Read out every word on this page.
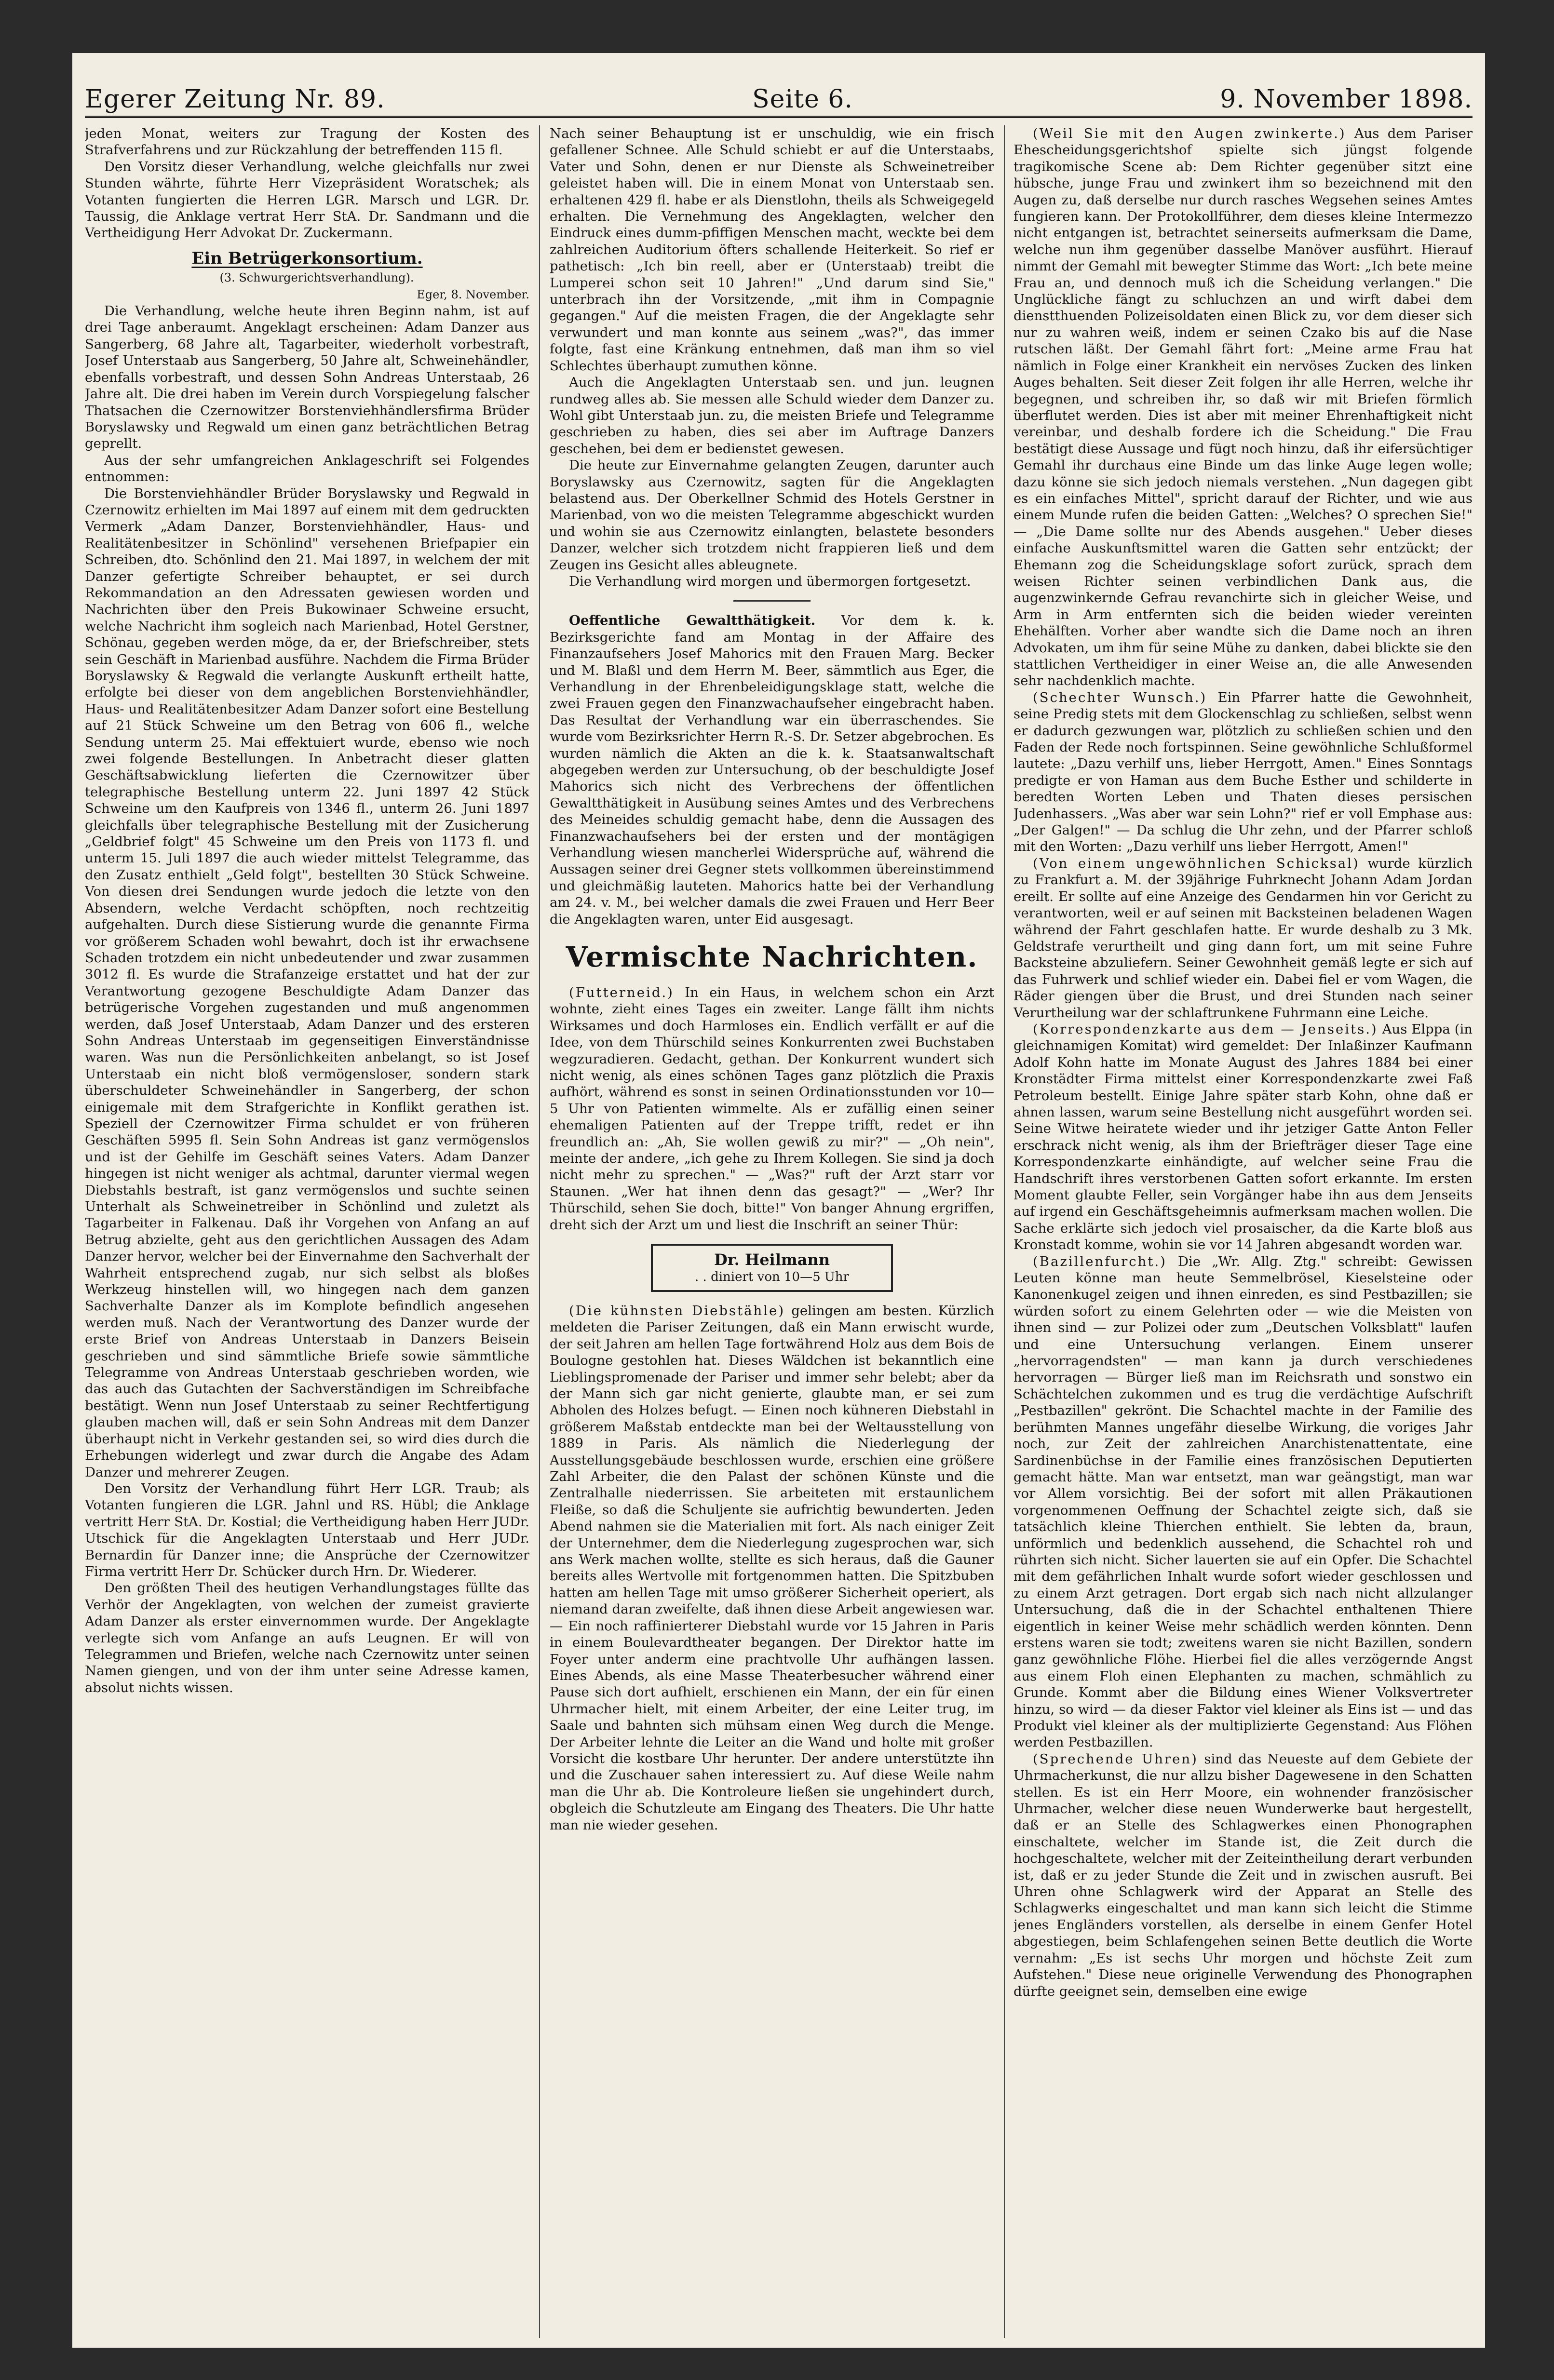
Egerer Zeitung Nr. 89.	Seite 6.	9. November 1898.

jeden Monat, weiters zur Tragung der Kosten des Strafverfahrens und zur Rückzahlung der betreffenden 115 fl.

Den Vorsitz dieser Verhandlung, welche gleichfalls nur zwei Stunden währte, führte Herr Vizepräsident Woratschek; als Votanten fungierten die Herren LGR. Marsch und LGR. Dr. Taussig, die Anklage vertrat Herr StA. Dr. Sandmann und die Vertheidigung Herr Advokat Dr. Zuckermann.

Ein Betrügerkonsortium.

(3. Schwurgerichtsverhandlung).

Eger, 8. November.

Die Verhandlung, welche heute ihren Beginn nahm, ist auf drei Tage anberaumt. Angeklagt erscheinen: Adam Danzer aus Sangerberg, 68 Jahre alt, Tagarbeiter, wiederholt vorbestraft, Josef Unterstaab aus Sangerberg, 50 Jahre alt, Schweinehändler, ebenfalls vorbestraft, und dessen Sohn Andreas Unterstaab, 26 Jahre alt. Die drei haben im Verein durch Vorspiegelung falscher Thatsachen die Czernowitzer Borstenviehhändlersfirma Brüder Boryslawsky und Regwald um einen ganz beträchtlichen Betrag geprellt.

Aus der sehr umfangreichen Anklageschrift sei Folgendes entnommen:

Die Borstenviehhändler Brüder Boryslawsky und Regwald in Czernowitz erhielten im Mai 1897 auf einem mit dem gedruckten Vermerk „Adam Danzer, Borstenviehhändler, Haus- und Realitätenbesitzer in Schönlind" versehenen Briefpapier ein Schreiben, dto. Schönlind den 21. Mai 1897, in welchem der mit Danzer gefertigte Schreiber behauptet, er sei durch Rekommandation an den Adressaten gewiesen worden und Nachrichten über den Preis Bukowinaer Schweine ersucht, welche Nachricht ihm sogleich nach Marienbad, Hotel Gerstner, Schönau, gegeben werden möge, da er, der Briefschreiber, stets sein Geschäft in Marienbad ausführe. Nachdem die Firma Brüder Boryslawsky & Regwald die verlangte Auskunft ertheilt hatte, erfolgte bei dieser von dem angeblichen Borstenviehhändler, Haus- und Realitätenbesitzer Adam Danzer sofort eine Bestellung auf 21 Stück Schweine um den Betrag von 606 fl., welche Sendung unterm 25. Mai effektuiert wurde, ebenso wie noch zwei folgende Bestellungen. In Anbetracht dieser glatten Geschäftsabwicklung lieferten die Czernowitzer über telegraphische Bestellung unterm 22. Juni 1897 42 Stück Schweine um den Kaufpreis von 1346 fl., unterm 26. Juni 1897 gleichfalls über telegraphische Bestellung mit der Zusicherung „Geldbrief folgt" 45 Schweine um den Preis von 1173 fl. und unterm 15. Juli 1897 die auch wieder mittelst Telegramme, das den Zusatz enthielt „Geld folgt", bestellten 30 Stück Schweine. Von diesen drei Sendungen wurde jedoch die letzte von den Absendern, welche Verdacht schöpften, noch rechtzeitig aufgehalten. Durch diese Sistierung wurde die genannte Firma vor größerem Schaden wohl bewahrt, doch ist ihr erwachsene Schaden trotzdem ein nicht unbedeutender und zwar zusammen 3012 fl. Es wurde die Strafanzeige erstattet und hat der zur Verantwortung gezogene Beschuldigte Adam Danzer das betrügerische Vorgehen zugestanden und muß angenommen werden, daß Josef Unterstaab, Adam Danzer und des ersteren Sohn Andreas Unterstaab im gegenseitigen Einverständnisse waren. Was nun die Persönlichkeiten anbelangt, so ist Josef Unterstaab ein nicht bloß vermögensloser, sondern stark überschuldeter Schweinehändler in Sangerberg, der schon einigemale mit dem Strafgerichte in Konflikt gerathen ist. Speziell der Czernowitzer Firma schuldet er von früheren Geschäften 5995 fl. Sein Sohn Andreas ist ganz vermögenslos und ist der Gehilfe im Geschäft seines Vaters. Adam Danzer hingegen ist nicht weniger als achtmal, darunter viermal wegen Diebstahls bestraft, ist ganz vermögenslos und suchte seinen Unterhalt als Schweinetreiber in Schönlind und zuletzt als Tagarbeiter in Falkenau. Daß ihr Vorgehen von Anfang an auf Betrug abzielte, geht aus den gerichtlichen Aussagen des Adam Danzer hervor, welcher bei der Einvernahme den Sachverhalt der Wahrheit entsprechend zugab, nur sich selbst als bloßes Werkzeug hinstellen will, wo hingegen nach dem ganzen Sachverhalte Danzer als im Komplote befindlich angesehen werden muß. Nach der Verantwortung des Danzer wurde der erste Brief von Andreas Unterstaab in Danzers Beisein geschrieben und sind sämmtliche Briefe sowie sämmtliche Telegramme von Andreas Unterstaab geschrieben worden, wie das auch das Gutachten der Sachverständigen im Schreibfache bestätigt. Wenn nun Josef Unterstaab zu seiner Rechtfertigung glauben machen will, daß er sein Sohn Andreas mit dem Danzer überhaupt nicht in Verkehr gestanden sei, so wird dies durch die Erhebungen widerlegt und zwar durch die Angabe des Adam Danzer und mehrerer Zeugen.

Den Vorsitz der Verhandlung führt Herr LGR. Traub; als Votanten fungieren die LGR. Jahnl und RS. Hübl; die Anklage vertritt Herr StA. Dr. Kostial; die Vertheidigung haben Herr JUDr. Utschick für die Angeklagten Unterstaab und Herr JUDr. Bernardin für Danzer inne; die Ansprüche der Czernowitzer Firma vertritt Herr Dr. Schücker durch Hrn. Dr. Wiederer.

Den größten Theil des heutigen Verhandlungstages füllte das Verhör der Angeklagten, von welchen der zumeist gravierte Adam Danzer als erster einvernommen wurde. Der Angeklagte verlegte sich vom Anfange an aufs Leugnen. Er will von Telegrammen und Briefen, welche nach Czernowitz unter seinen Namen giengen, und von der ihm unter seine Adresse kamen, absolut nichts wissen.

Nach seiner Behauptung ist er unschuldig, wie ein frisch gefallener Schnee. Alle Schuld schiebt er auf die Unterstaabs, Vater und Sohn, denen er nur Dienste als Schweinetreiber geleistet haben will. Die in einem Monat von Unterstaab sen. erhaltenen 429 fl. habe er als Dienstlohn, theils als Schweigegeld erhalten. Die Vernehmung des Angeklagten, welcher den Eindruck eines dumm-pfiffigen Menschen macht, weckte bei dem zahlreichen Auditorium öfters schallende Heiterkeit. So rief er pathetisch: „Ich bin reell, aber er (Unterstaab) treibt die Lumperei schon seit 10 Jahren!" „Und darum sind Sie," unterbrach ihn der Vorsitzende, „mit ihm in Compagnie gegangen." Auf die meisten Fragen, die der Angeklagte sehr verwundert und man konnte aus seinem „was?", das immer folgte, fast eine Kränkung entnehmen, daß man ihm so viel Schlechtes überhaupt zumuthen könne.

Auch die Angeklagten Unterstaab sen. und jun. leugnen rundweg alles ab. Sie messen alle Schuld wieder dem Danzer zu. Wohl gibt Unterstaab jun. zu, die meisten Briefe und Telegramme geschrieben zu haben, dies sei aber im Auftrage Danzers geschehen, bei dem er bedienstet gewesen.

Die heute zur Einvernahme gelangten Zeugen, darunter auch Boryslawsky aus Czernowitz, sagten für die Angeklagten belastend aus. Der Oberkellner Schmid des Hotels Gerstner in Marienbad, von wo die meisten Telegramme abgeschickt wurden und wohin sie aus Czernowitz einlangten, belastete besonders Danzer, welcher sich trotzdem nicht frappieren ließ und dem Zeugen ins Gesicht alles ableugnete.

Die Verhandlung wird morgen und übermorgen fortgesetzt.

Oeffentliche Gewaltthätigkeit. Vor dem k. k. Bezirksgerichte fand am Montag in der Affaire des Finanzaufsehers Josef Mahorics mit den Frauen Marg. Becker und M. Blaßl und dem Herrn M. Beer, sämmtlich aus Eger, die Verhandlung in der Ehrenbeleidigungsklage statt, welche die zwei Frauen gegen den Finanzwachaufseher eingebracht haben. Das Resultat der Verhandlung war ein überraschendes. Sie wurde vom Bezirksrichter Herrn R.-S. Dr. Setzer abgebrochen. Es wurden nämlich die Akten an die k. k. Staatsanwaltschaft abgegeben werden zur Untersuchung, ob der beschuldigte Josef Mahorics sich nicht des Verbrechens der öffentlichen Gewaltthätigkeit in Ausübung seines Amtes und des Verbrechens des Meineides schuldig gemacht habe, denn die Aussagen des Finanzwachaufsehers bei der ersten und der montägigen Verhandlung wiesen mancherlei Widersprüche auf, während die Aussagen seiner drei Gegner stets vollkommen übereinstimmend und gleichmäßig lauteten. Mahorics hatte bei der Verhandlung am 24. v. M., bei welcher damals die zwei Frauen und Herr Beer die Angeklagten waren, unter Eid ausgesagt.

Vermischte Nachrichten.

(Futterneid.) In ein Haus, in welchem schon ein Arzt wohnte, zieht eines Tages ein zweiter. Lange fällt ihm nichts Wirksames und doch Harmloses ein. Endlich verfällt er auf die Idee, von dem Thürschild seines Konkurrenten zwei Buchstaben wegzuradieren. Gedacht, gethan. Der Konkurrent wundert sich nicht wenig, als eines schönen Tages ganz plötzlich die Praxis aufhört, während es sonst in seinen Ordinationsstunden vor 10—5 Uhr von Patienten wimmelte. Als er zufällig einen seiner ehemaligen Patienten auf der Treppe trifft, redet er ihn freundlich an: „Ah, Sie wollen gewiß zu mir?" — „Oh nein", meinte der andere, „ich gehe zu Ihrem Kollegen. Sie sind ja doch nicht mehr zu sprechen." — „Was?" ruft der Arzt starr vor Staunen. „Wer hat ihnen denn das gesagt?" — „Wer? Ihr Thürschild, sehen Sie doch, bitte!" Von banger Ahnung ergriffen, dreht sich der Arzt um und liest die Inschrift an seiner Thür:

Dr. Heilmann
. . diniert von 10—5 Uhr

(Die kühnsten Diebstähle) gelingen am besten. Kürzlich meldeten die Pariser Zeitungen, daß ein Mann erwischt wurde, der seit Jahren am hellen Tage fortwährend Holz aus dem Bois de Boulogne gestohlen hat. Dieses Wäldchen ist bekanntlich eine Lieblingspromenade der Pariser und immer sehr belebt; aber da der Mann sich gar nicht genierte, glaubte man, er sei zum Abholen des Holzes befugt. — Einen noch kühneren Diebstahl in größerem Maßstab entdeckte man bei der Weltausstellung von 1889 in Paris. Als nämlich die Niederlegung der Ausstellungsgebäude beschlossen wurde, erschien eine größere Zahl Arbeiter, die den Palast der schönen Künste und die Zentralhalle niederrissen. Sie arbeiteten mit erstaunlichem Fleiße, so daß die Schuljente sie aufrichtig bewunderten. Jeden Abend nahmen sie die Materialien mit fort. Als nach einiger Zeit der Unternehmer, dem die Niederlegung zugesprochen war, sich ans Werk machen wollte, stellte es sich heraus, daß die Gauner bereits alles Wertvolle mit fortgenommen hatten. Die Spitzbuben hatten am hellen Tage mit umso größerer Sicherheit operiert, als niemand daran zweifelte, daß ihnen diese Arbeit angewiesen war. — Ein noch raffinierterer Diebstahl wurde vor 15 Jahren in Paris in einem Boulevardtheater begangen. Der Direktor hatte im Foyer unter anderm eine prachtvolle Uhr aufhängen lassen. Eines Abends, als eine Masse Theaterbesucher während einer Pause sich dort aufhielt, erschienen ein Mann, der ein für einen Uhrmacher hielt, mit einem Arbeiter, der eine Leiter trug, im Saale und bahnten sich mühsam einen Weg durch die Menge. Der Arbeiter lehnte die Leiter an die Wand und holte mit großer Vorsicht die kostbare Uhr herunter. Der andere unterstützte ihn und die Zuschauer sahen interessiert zu. Auf diese Weile nahm man die Uhr ab. Die Kontroleure ließen sie ungehindert durch, obgleich die Schutzleute am Eingang des Theaters. Die Uhr hatte man nie wieder gesehen.

(Weil Sie mit den Augen zwinkerte.) Aus dem Pariser Ehescheidungsgerichtshof spielte sich jüngst folgende tragikomische Scene ab: Dem Richter gegenüber sitzt eine hübsche, junge Frau und zwinkert ihm so bezeichnend mit den Augen zu, daß derselbe nur durch rasches Wegsehen seines Amtes fungieren kann. Der Protokollführer, dem dieses kleine Intermezzo nicht entgangen ist, betrachtet seinerseits aufmerksam die Dame, welche nun ihm gegenüber dasselbe Manöver ausführt. Hierauf nimmt der Gemahl mit bewegter Stimme das Wort: „Ich bete meine Frau an, und dennoch muß ich die Scheidung verlangen." Die Unglückliche fängt zu schluchzen an und wirft dabei dem dienstthuenden Polizeisoldaten einen Blick zu, vor dem dieser sich nur zu wahren weiß, indem er seinen Czako bis auf die Nase rutschen läßt. Der Gemahl fährt fort: „Meine arme Frau hat nämlich in Folge einer Krankheit ein nervöses Zucken des linken Auges behalten. Seit dieser Zeit folgen ihr alle Herren, welche ihr begegnen, und schreiben ihr, so daß wir mit Briefen förmlich überflutet werden. Dies ist aber mit meiner Ehrenhaftigkeit nicht vereinbar, und deshalb fordere ich die Scheidung." Die Frau bestätigt diese Aussage und fügt noch hinzu, daß ihr eifersüchtiger Gemahl ihr durchaus eine Binde um das linke Auge legen wolle; dazu könne sie sich jedoch niemals verstehen. „Nun dagegen gibt es ein einfaches Mittel", spricht darauf der Richter, und wie aus einem Munde rufen die beiden Gatten: „Welches? O sprechen Sie!" — „Die Dame sollte nur des Abends ausgehen." Ueber dieses einfache Auskunftsmittel waren die Gatten sehr entzückt; der Ehemann zog die Scheidungsklage sofort zurück, sprach dem weisen Richter seinen verbindlichen Dank aus, die augenzwinkernde Gefrau revanchirte sich in gleicher Weise, und Arm in Arm entfernten sich die beiden wieder vereinten Ehehälften. Vorher aber wandte sich die Dame noch an ihren Advokaten, um ihm für seine Mühe zu danken, dabei blickte sie den stattlichen Vertheidiger in einer Weise an, die alle Anwesenden sehr nachdenklich machte.

(Schechter Wunsch.) Ein Pfarrer hatte die Gewohnheit, seine Predig stets mit dem Glockenschlag zu schließen, selbst wenn er dadurch gezwungen war, plötzlich zu schließen schien und den Faden der Rede noch fortspinnen. Seine gewöhnliche Schlußformel lautete: „Dazu verhilf uns, lieber Herrgott, Amen." Eines Sonntags predigte er von Haman aus dem Buche Esther und schilderte in beredten Worten Leben und Thaten dieses persischen Judenhassers. „Was aber war sein Lohn?" rief er voll Emphase aus: „Der Galgen!" — Da schlug die Uhr zehn, und der Pfarrer schloß mit den Worten: „Dazu verhilf uns lieber Herrgott, Amen!"

(Von einem ungewöhnlichen Schicksal) wurde kürzlich zu Frankfurt a. M. der 39jährige Fuhrknecht Johann Adam Jordan ereilt. Er sollte auf eine Anzeige des Gendarmen hin vor Gericht zu verantworten, weil er auf seinen mit Backsteinen beladenen Wagen während der Fahrt geschlafen hatte. Er wurde deshalb zu 3 Mk. Geldstrafe verurtheilt und ging dann fort, um mit seine Fuhre Backsteine abzuliefern. Seiner Gewohnheit gemäß legte er sich auf das Fuhrwerk und schlief wieder ein. Dabei fiel er vom Wagen, die Räder giengen über die Brust, und drei Stunden nach seiner Verurtheilung war der schlaftrunkene Fuhrmann eine Leiche.

(Korrespondenzkarte aus dem — Jenseits.) Aus Elppa (in gleichnamigen Komitat) wird gemeldet: Der Inlaßinzer Kaufmann Adolf Kohn hatte im Monate August des Jahres 1884 bei einer Kronstädter Firma mittelst einer Korrespondenzkarte zwei Faß Petroleum bestellt. Einige Jahre später starb Kohn, ohne daß er ahnen lassen, warum seine Bestellung nicht ausgeführt worden sei. Seine Witwe heiratete wieder und ihr jetziger Gatte Anton Feller erschrack nicht wenig, als ihm der Briefträger dieser Tage eine Korrespondenzkarte einhändigte, auf welcher seine Frau die Handschrift ihres verstorbenen Gatten sofort erkannte. Im ersten Moment glaubte Feller, sein Vorgänger habe ihn aus dem Jenseits auf irgend ein Geschäftsgeheimnis aufmerksam machen wollen. Die Sache erklärte sich jedoch viel prosaischer, da die Karte bloß aus Kronstadt komme, wohin sie vor 14 Jahren abgesandt worden war.

(Bazillenfurcht.) Die „Wr. Allg. Ztg." schreibt: Gewissen Leuten könne man heute Semmelbrösel, Kieselsteine oder Kanonenkugel zeigen und ihnen einreden, es sind Pestbazillen; sie würden sofort zu einem Gelehrten oder — wie die Meisten von ihnen sind — zur Polizei oder zum „Deutschen Volksblatt" laufen und eine Untersuchung verlangen. Einem unserer „hervorragendsten" — man kann ja durch verschiedenes hervorragen — Bürger ließ man im Reichsrath und sonstwo ein Schächtelchen zukommen und es trug die verdächtige Aufschrift „Pestbazillen" gekrönt. Die Schachtel machte in der Familie des berühmten Mannes ungefähr dieselbe Wirkung, die voriges Jahr noch, zur Zeit der zahlreichen Anarchistenattentate, eine Sardinenbüchse in der Familie eines französischen Deputierten gemacht hätte. Man war entsetzt, man war geängstigt, man war vor Allem vorsichtig. Bei der sofort mit allen Präkautionen vorgenommenen Oeffnung der Schachtel zeigte sich, daß sie tatsächlich kleine Thierchen enthielt. Sie lebten da, braun, unförmlich und bedenklich aussehend, die Schachtel roh und rührten sich nicht. Sicher lauerten sie auf ein Opfer. Die Schachtel mit dem gefährlichen Inhalt wurde sofort wieder geschlossen und zu einem Arzt getragen. Dort ergab sich nach nicht allzulanger Untersuchung, daß die in der Schachtel enthaltenen Thiere eigentlich in keiner Weise mehr schädlich werden könnten. Denn erstens waren sie todt; zweitens waren sie nicht Bazillen, sondern ganz gewöhnliche Flöhe. Hierbei fiel die alles verzögernde Angst aus einem Floh einen Elephanten zu machen, schmählich zu Grunde. Kommt aber die Bildung eines Wiener Volksvertreter hinzu, so wird — da dieser Faktor viel kleiner als Eins ist — und das Produkt viel kleiner als der multiplizierte Gegenstand: Aus Flöhen werden Pestbazillen.

(Sprechende Uhren) sind das Neueste auf dem Gebiete der Uhrmacherkunst, die nur allzu bisher Dagewesene in den Schatten stellen. Es ist ein Herr Moore, ein wohnender französischer Uhrmacher, welcher diese neuen Wunderwerke baut hergestellt, daß er an Stelle des Schlagwerkes einen Phonographen einschaltete, welcher im Stande ist, die Zeit durch die hochgeschaltete, welcher mit der Zeiteintheilung derart verbunden ist, daß er zu jeder Stunde die Zeit und in zwischen ausruft. Bei Uhren ohne Schlagwerk wird der Apparat an Stelle des Schlagwerks eingeschaltet und man kann sich leicht die Stimme jenes Engländers vorstellen, als derselbe in einem Genfer Hotel abgestiegen, beim Schlafengehen seinen Bette deutlich die Worte vernahm: „Es ist sechs Uhr morgen und höchste Zeit zum Aufstehen." Diese neue originelle Verwendung des Phonographen dürfte geeignet sein, demselben eine ewige
